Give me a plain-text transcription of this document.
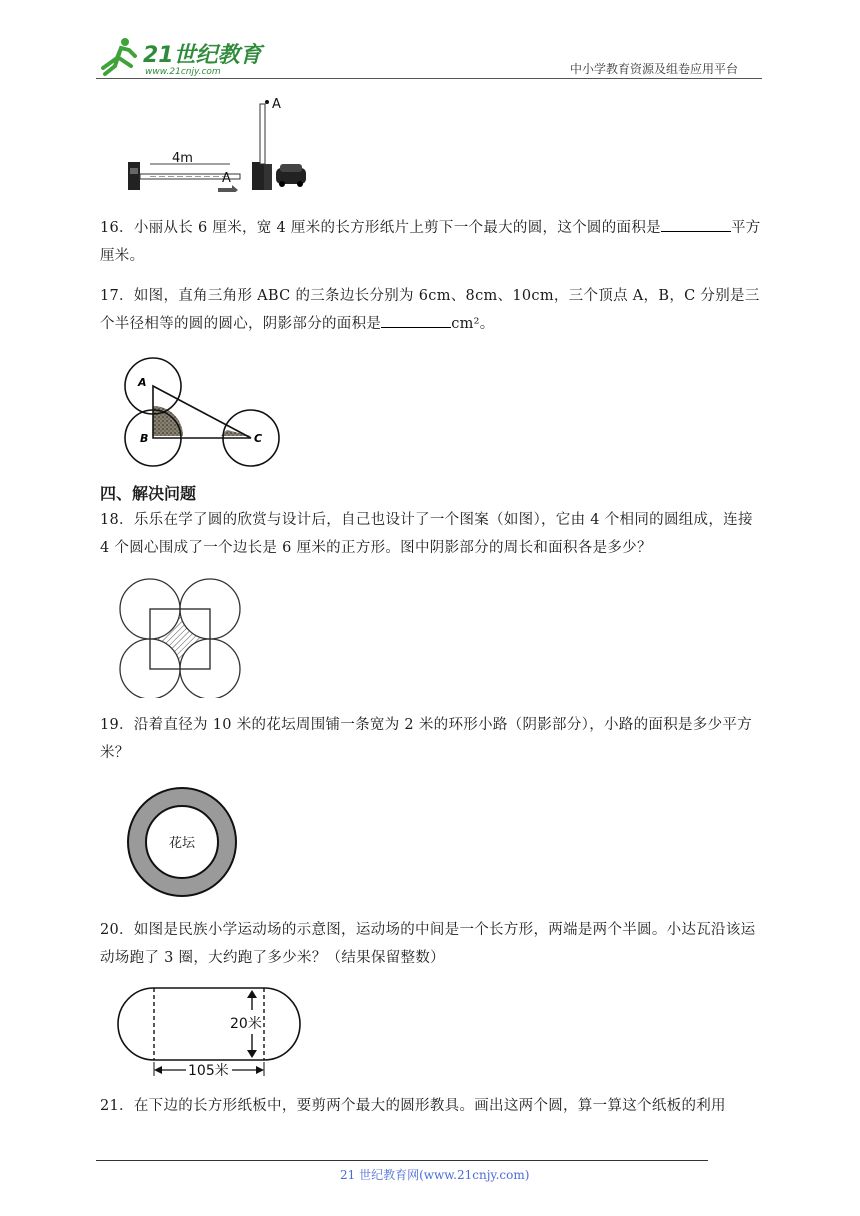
21世纪教育
www.21cnjy.com	中小学教育资源及组卷应用平台
4m
A
A
16．小丽从长 6 厘米，宽 4 厘米的长方形纸片上剪下一个最大的圆，这个圆的面积是	平方厘米。
17．如图，直角三角形 ABC 的三条边长分别为 6cm、8cm、10cm，三个顶点 A，B，C 分别是三个半径相等的圆的圆心，阴影部分的面积是	cm²。
A
B	C
四、解决问题
18．乐乐在学了圆的欣赏与设计后，自己也设计了一个图案（如图），它由 4 个相同的圆组成，连接 4 个圆心围成了一个边长是 6 厘米的正方形。图中阴影部分的周长和面积各是多少？
19．沿着直径为 10 米的花坛周围铺一条宽为 2 米的环形小路（阴影部分），小路的面积是多少平方米？
花坛
20．如图是民族小学运动场的示意图，运动场的中间是一个长方形，两端是两个半圆。小达瓦沿该运动场跑了 3 圈，大约跑了多少米？（结果保留整数）
20米
105米
21．在下边的长方形纸板中，要剪两个最大的圆形教具。画出这两个圆，算一算这个纸板的利用
21 世纪教育网(www.21cnjy.com)
